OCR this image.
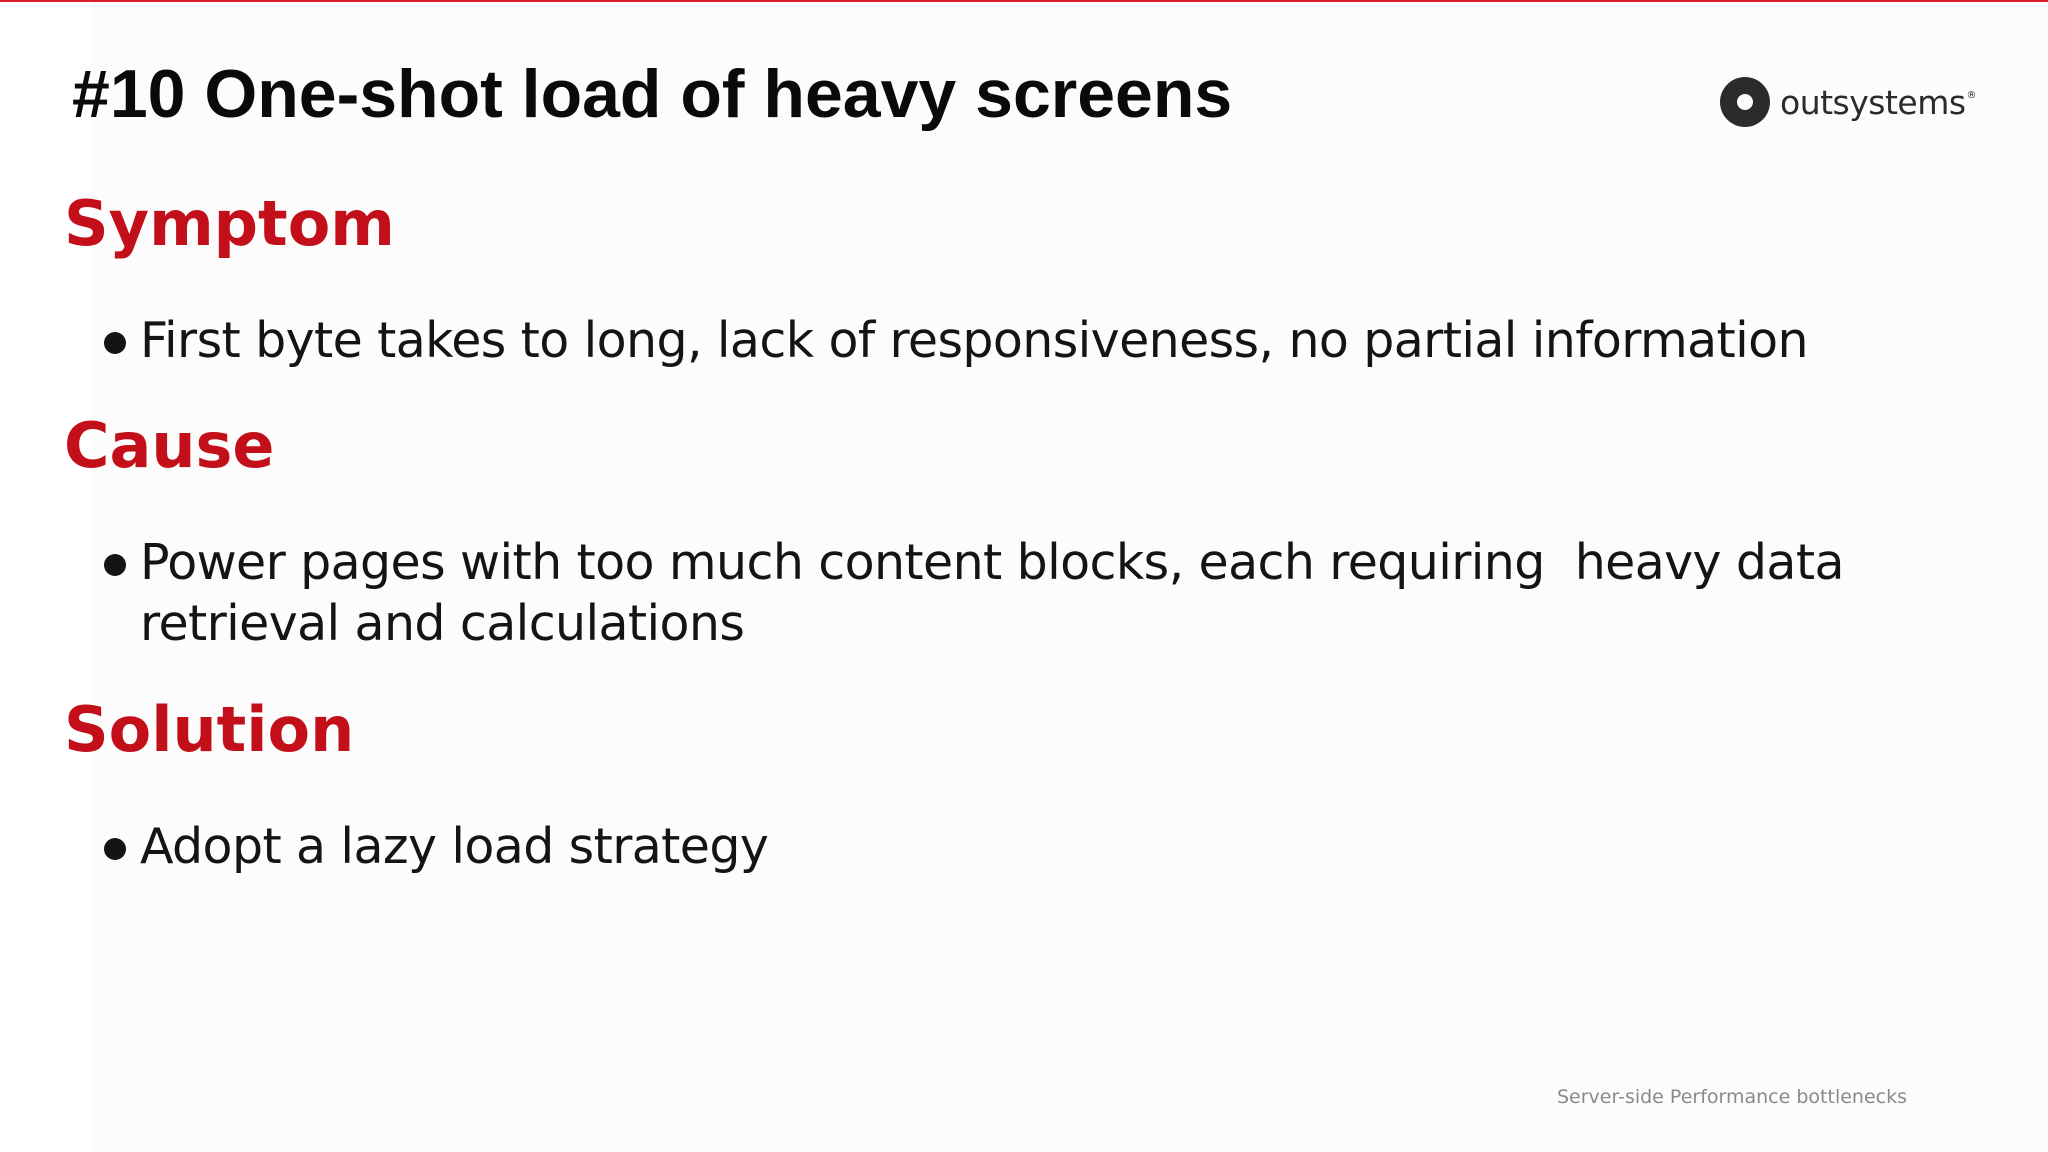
#10 One-shot load of heavy screens	outsystems®
Symptom
First byte takes to long, lack of responsiveness, no partial information
Cause
Power pages with too much content blocks, each requiring  heavy data retrieval and calculations
Solution
Adopt a lazy load strategy
Server-side Performance bottlenecks
